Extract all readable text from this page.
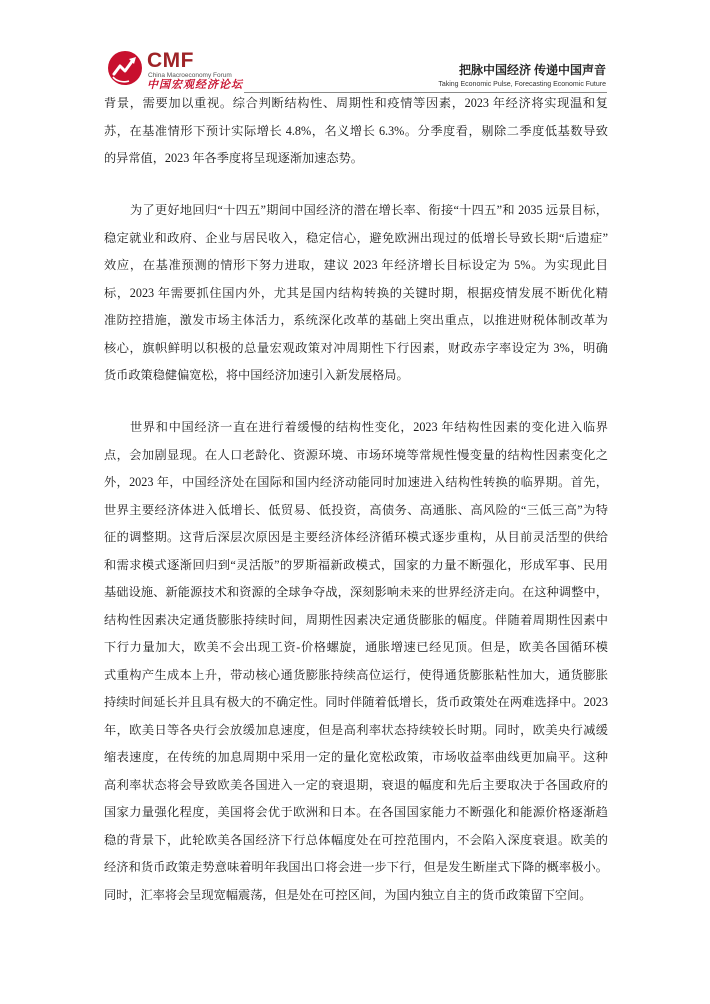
CMF
China Macroeconomy Forum
中国宏观经济论坛
把脉中国经济 传递中国声音
Taking Economic Pulse, Forecasting Economic Future
背景，需要加以重视。综合判断结构性、周期性和疫情等因素，2023 年经济将实现温和复
苏，在基准情形下预计实际增长 4.8%，名义增长 6.3%。分季度看，剔除二季度低基数导致
的异常值，2023 年各季度将呈现逐渐加速态势。
为了更好地回归“十四五”期间中国经济的潜在增长率、衔接“十四五”和 2035 远景目标，
稳定就业和政府、企业与居民收入，稳定信心，避免欧洲出现过的低增长导致长期“后遗症”
效应，在基准预测的情形下努力进取，建议 2023 年经济增长目标设定为 5%。为实现此目
标，2023 年需要抓住国内外，尤其是国内结构转换的关键时期，根据疫情发展不断优化精
准防控措施，激发市场主体活力，系统深化改革的基础上突出重点，以推进财税体制改革为
核心，旗帜鲜明以积极的总量宏观政策对冲周期性下行因素，财政赤字率设定为 3%，明确
货币政策稳健偏宽松，将中国经济加速引入新发展格局。
世界和中国经济一直在进行着缓慢的结构性变化，2023 年结构性因素的变化进入临界
点，会加剧显现。在人口老龄化、资源环境、市场环境等常规性慢变量的结构性因素变化之
外，2023 年，中国经济处在国际和国内经济动能同时加速进入结构性转换的临界期。首先，
世界主要经济体进入低增长、低贸易、低投资，高债务、高通胀、高风险的“三低三高”为特
征的调整期。这背后深层次原因是主要经济体经济循环模式逐步重构，从目前灵活型的供给
和需求模式逐渐回归到“灵活版”的罗斯福新政模式，国家的力量不断强化，形成军事、民用
基础设施、新能源技术和资源的全球争夺战，深刻影响未来的世界经济走向。在这种调整中，
结构性因素决定通货膨胀持续时间，周期性因素决定通货膨胀的幅度。伴随着周期性因素中
下行力量加大，欧美不会出现工资-价格螺旋，通胀增速已经见顶。但是，欧美各国循环模
式重构产生成本上升，带动核心通货膨胀持续高位运行，使得通货膨胀粘性加大，通货膨胀
持续时间延长并且具有极大的不确定性。同时伴随着低增长，货币政策处在两难选择中。2023
年，欧美日等各央行会放缓加息速度，但是高利率状态持续较长时期。同时，欧美央行减缓
缩表速度，在传统的加息周期中采用一定的量化宽松政策，市场收益率曲线更加扁平。这种
高利率状态将会导致欧美各国进入一定的衰退期，衰退的幅度和先后主要取决于各国政府的
国家力量强化程度，美国将会优于欧洲和日本。在各国国家能力不断强化和能源价格逐渐趋
稳的背景下，此轮欧美各国经济下行总体幅度处在可控范围内，不会陷入深度衰退。欧美的
经济和货币政策走势意味着明年我国出口将会进一步下行，但是发生断崖式下降的概率极小。
同时，汇率将会呈现宽幅震荡，但是处在可控区间，为国内独立自主的货币政策留下空间。
